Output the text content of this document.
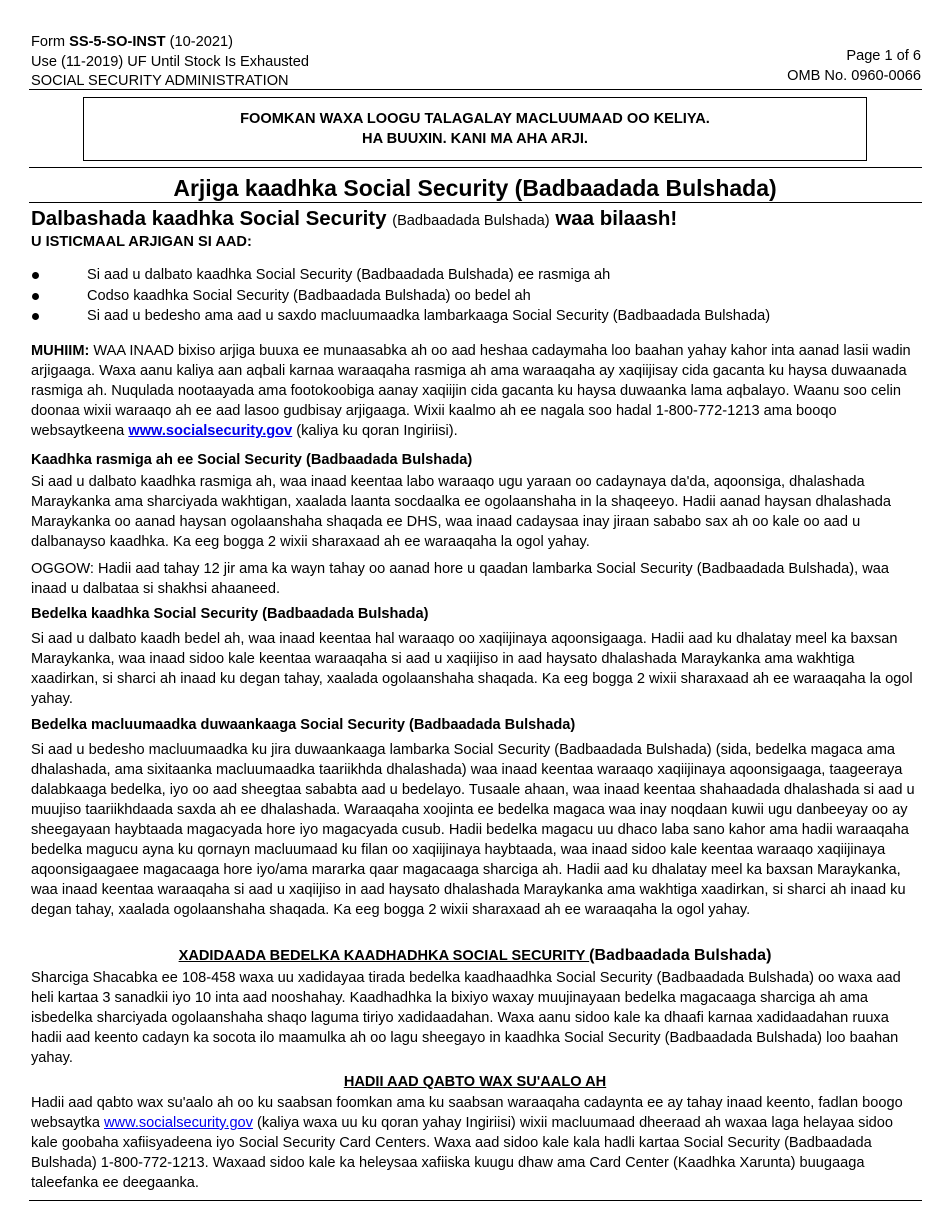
Form SS-5-SO-INST (10-2021)
Use (11-2019) UF Until Stock Is Exhausted
SOCIAL SECURITY ADMINISTRATION
Page 1 of 6
OMB No. 0960-0066
FOOMKAN WAXA LOOGU TALAGALAY MACLUUMAAD OO KELIYA.
HA BUUXIN. KANI MA AHA ARJI.
Arjiga kaadhka Social Security (Badbaadada Bulshada)
Dalbashada kaadhka Social Security (Badbaadada Bulshada) waa bilaash!
U ISTICMAAL ARJIGAN SI AAD:
Si aad u dalbato kaadhka Social Security (Badbaadada Bulshada) ee rasmiga ah
Codso kaadhka Social Security (Badbaadada Bulshada) oo bedel ah
Si aad u bedesho ama aad u saxdo macluumaadka lambarkaaga Social Security (Badbaadada Bulshada)
MUHIIM: WAA INAAD bixiso arjiga buuxa ee munaasabka ah oo aad heshaa cadaymaha loo baahan yahay kahor inta aanad lasii wadin arjigaaga. Waxa aanu kaliya aan aqbali karnaa waraaqaha rasmiga ah ama waraaqaha ay xaqiijisay cida gacanta ku haysa duwaanada rasmiga ah. Nuqulada nootaayada ama footokoobiga aanay xaqiijin cida gacanta ku haysa duwaanka lama aqbalayo. Waanu soo celin doonaa wixii waraaqo ah ee aad lasoo gudbisay arjigaaga. Wixii kaalmo ah ee nagala soo hadal 1-800-772-1213 ama booqo websaytkeena www.socialsecurity.gov (kaliya ku qoran Ingiriisi).
Kaadhka rasmiga ah ee Social Security (Badbaadada Bulshada)
Si aad u dalbato kaadhka rasmiga ah, waa inaad keentaa labo waraaqo ugu yaraan oo cadaynaya da'da, aqoonsiga, dhalashada Maraykanka ama sharciyada wakhtigan, xaalada laanta socdaalka ee ogolaanshaha in la shaqeeyo. Hadii aanad haysan dhalashada Maraykanka oo aanad haysan ogolaanshaha shaqada ee DHS, waa inaad cadaysaa inay jiraan sababo sax ah oo kale oo aad u dalbanayso kaadhka. Ka eeg bogga 2 wixii sharaxaad ah ee waraaqaha la ogol yahay.
OGGOW: Hadii aad tahay 12 jir ama ka wayn tahay oo aanad hore u qaadan lambarka Social Security (Badbaadada Bulshada), waa inaad u dalbataa si shakhsi ahaaneed.
Bedelka kaadhka Social Security (Badbaadada Bulshada)
Si aad u dalbato kaadh bedel ah, waa inaad keentaa hal waraaqo oo xaqiijinaya aqoonsigaaga. Hadii aad ku dhalatay meel ka baxsan Maraykanka, waa inaad sidoo kale keentaa waraaqaha si aad u xaqiijiso in aad haysato dhalashada Maraykanka ama wakhtiga xaadirkan, si sharci ah inaad ku degan tahay, xaalada ogolaanshaha shaqada. Ka eeg bogga 2 wixii sharaxaad ah ee waraaqaha la ogol yahay.
Bedelka macluumaadka duwaankaaga Social Security (Badbaadada Bulshada)
Si aad u bedesho macluumaadka ku jira duwaankaaga lambarka Social Security (Badbaadada Bulshada) (sida, bedelka magaca ama dhalashada, ama sixitaanka macluumaadka taariikhda dhalashada) waa inaad keentaa waraaqo xaqiijinaya aqoonsigaaga, taageeraya dalabkaaga bedelka, iyo oo aad sheegtaa sababta aad u bedelayo. Tusaale ahaan, waa inaad keentaa shahaadada dhalashada si aad u muujiso taariikhdaada saxda ah ee dhalashada. Waraaqaha xoojinta ee bedelka magaca waa inay noqdaan kuwii ugu danbeeyay oo ay sheegayaan haybtaada magacyada hore iyo magacyada cusub. Hadii bedelka magacu uu dhaco laba sano kahor ama hadii waraaqaha bedelka magucu ayna ku qornayn macluumaad ku filan oo xaqiijinaya haybtaada, waa inaad sidoo kale keentaa waraaqo xaqiijinaya aqoonsigaagaee magacaaga hore iyo/ama mararka qaar magacaaga sharciga ah. Hadii aad ku dhalatay meel ka baxsan Maraykanka, waa inaad keentaa waraaqaha si aad u xaqiijiso in aad haysato dhalashada Maraykanka ama wakhtiga xaadirkan, si sharci ah inaad ku degan tahay, xaalada ogolaanshaha shaqada. Ka eeg bogga 2 wixii sharaxaad ah ee waraaqaha la ogol yahay.
XADIDAADA BEDELKA KAADHADHKA SOCIAL SECURITY (Badbaadada Bulshada)
Sharciga Shacabka ee 108-458 waxa uu xadidayaa tirada bedelka kaadhaadhka Social Security (Badbaadada Bulshada) oo waxa aad heli kartaa 3 sanadkii iyo 10 inta aad nooshahay. Kaadhadhka la bixiyo waxay muujinayaan bedelka magacaaga sharciga ah ama isbedelka sharciyada ogolaanshaha shaqo laguma tiriyo xadidaadahan. Waxa aanu sidoo kale ka dhaafi karnaa xadidaadahan ruuxa hadii aad keento cadayn ka socota ilo maamulka ah oo lagu sheegayo in kaadhka Social Security (Badbaadada Bulshada) loo baahan yahay.
HADII AAD QABTO WAX SU'AALO AH
Hadii aad qabto wax su'aalo ah oo ku saabsan foomkan ama ku saabsan waraaqaha cadaynta ee ay tahay inaad keento, fadlan boogo websaytka www.socialsecurity.gov (kaliya waxa uu ku qoran yahay Ingiriisi) wixii macluumaad dheeraad ah waxaa laga helayaa sidoo kale goobaha xafiisyadeena iyo Social Security Card Centers. Waxa aad sidoo kale kala hadli kartaa Social Security (Badbaadada Bulshada) 1-800-772-1213. Waxaad sidoo kale ka heleysaa xafiiska kuugu dhaw ama Card Center (Kaadhka Xarunta) buugaaga taleefanka ee deegaanka.
